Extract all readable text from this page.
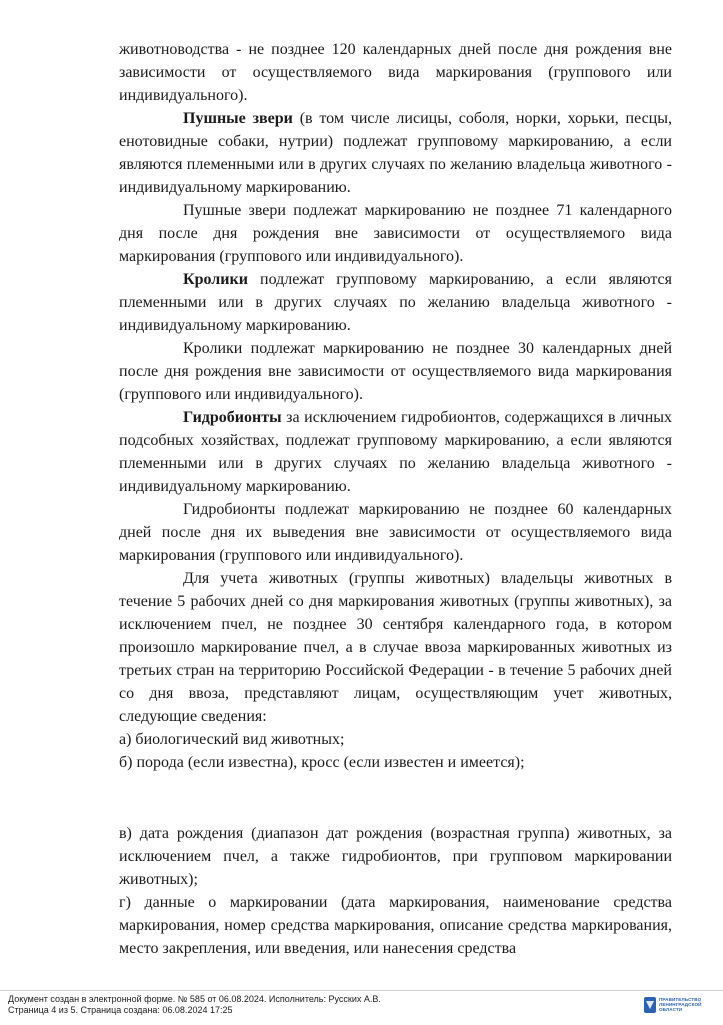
животноводства - не позднее 120 календарных дней после дня рождения вне зависимости от осуществляемого вида маркирования (группового или индивидуального).

Пушные звери (в том числе лисицы, соболя, норки, хорьки, песцы, енотовидные собаки, нутрии) подлежат групповому маркированию, а если являются племенными или в других случаях по желанию владельца животного - индивидуальному маркированию.

Пушные звери подлежат маркированию не позднее 71 календарного дня после дня рождения вне зависимости от осуществляемого вида маркирования (группового или индивидуального).

Кролики подлежат групповому маркированию, а если являются племенными или в других случаях по желанию владельца животного - индивидуальному маркированию.

Кролики подлежат маркированию не позднее 30 календарных дней после дня рождения вне зависимости от осуществляемого вида маркирования (группового или индивидуального).

Гидробионты за исключением гидробионтов, содержащихся в личных подсобных хозяйствах, подлежат групповому маркированию, а если являются племенными или в других случаях по желанию владельца животного - индивидуальному маркированию.

Гидробионты подлежат маркированию не позднее 60 календарных дней после дня их выведения вне зависимости от осуществляемого вида маркирования (группового или индивидуального).

Для учета животных (группы животных) владельцы животных в течение 5 рабочих дней со дня маркирования животных (группы животных), за исключением пчел, не позднее 30 сентября календарного года, в котором произошло маркирование пчел, а в случае ввоза маркированных животных из третьих стран на территорию Российской Федерации - в течение 5 рабочих дней со дня ввоза, представляют лицам, осуществляющим учет животных, следующие сведения:

а) биологический вид животных;

б) порода (если известна), кросс (если известен и имеется);

в) дата рождения (диапазон дат рождения (возрастная группа) животных, за исключением пчел, а также гидробионтов, при групповом маркировании животных);

г) данные о маркировании (дата маркирования, наименование средства маркирования, номер средства маркирования, описание средства маркирования, место закрепления, или введения, или нанесения средства

Документ создан в электронной форме. № 585 от 06.08.2024. Исполнитель: Русских А.В.
Страница 4 из 5. Страница создана: 06.08.2024 17:25
ПРАВИТЕЛЬСТВО
ЛЕНИНГРАДСКОЙ
ОБЛАСТИ
